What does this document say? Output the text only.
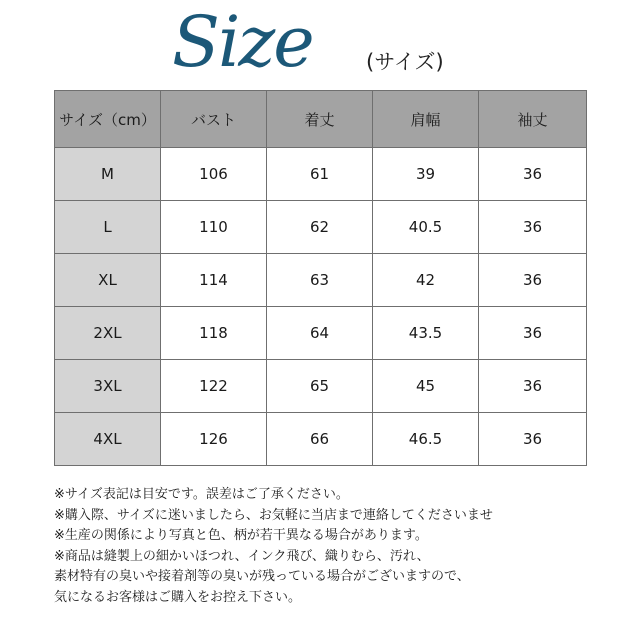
Size	(サイズ)
サイズ（cm）	バスト	着丈	肩幅	袖丈
M	106	61	39	36
L	110	62	40.5	36
XL	114	63	42	36
2XL	118	64	43.5	36
3XL	122	65	45	36
4XL	126	66	46.5	36

※サイズ表記は目安です。誤差はご了承ください。

※購入際、サイズに迷いましたら、お気軽に当店まで連絡してくださいませ

※生産の関係により写真と色、柄が若干異なる場合があります。

※商品は縫製上の細かいほつれ、インク飛び、織りむら、汚れ、

素材特有の臭いや接着剤等の臭いが残っている場合がございますので、

気になるお客様はご購入をお控え下さい。
